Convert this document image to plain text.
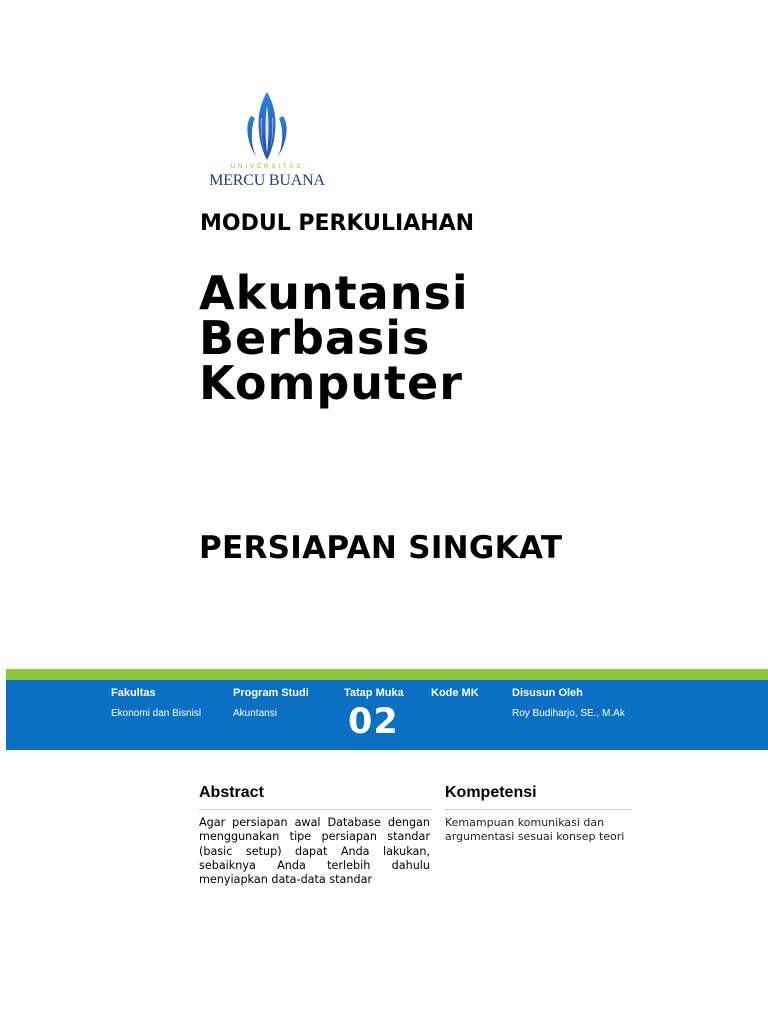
UNIVERSITAS
MERCU BUANA
MODUL PERKULIAHAN
Akuntansi
Berbasis
Komputer
PERSIAPAN SINGKAT
Fakultas
Ekonomi dan Bisnisl
Program Studi
Akuntansi
Tatap Muka
02
Kode MK	Disusun Oleh
Roy Budiharjo, SE., M.Ak
Abstract
Agar persiapan awal Database dengan menggunakan tipe persiapan standar (basic setup) dapat Anda lakukan, sebaiknya Anda terlebih dahulu menyiapkan data-data standar
Kompetensi
Kemampuan komunikasi dan argumentasi sesuai konsep teori
